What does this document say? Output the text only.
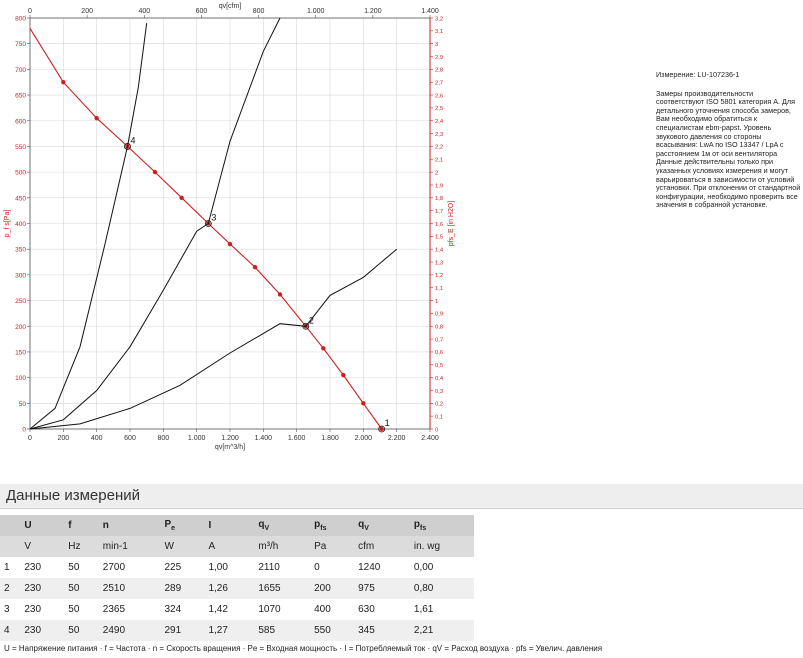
0	200	400	600	800	1.000 1.200 1.400 1.600 1.800 2.000 2.200 2.400
0
50
100
150
200
250
300
350
400
450
500
550
600
650
700
750
800
0	200	400	600	800	1.000	1.200	1.400
0
0,1
0,2
0,3
0,4
0,5
0,6
0,7
0,8
0,9
1
1,1
1,2
1,3
1,4
1,5
1,6
1,7
1,8
1,9
2
2,1
2,2
2,3
2,4
2,5
2,6
2,7
2,8
2,9
3
3,1
3,2
1
2
3
4
qv[m^3/h]
qv[cfm]
p_f s[Pa]	pfs_E [in H2O]
Измерение: LU-107236-1
Замеры производительности соответствуют ISO 5801 категория А. Для детального уточнения способа замеров, Вам необходимо обратиться к специалистам ebm-papst. Уровень звукового давления со стороны всасывания: LwA по ISO 13347 / LpA с расстоянием 1м от оси вентилятора Данные действительны только при указанных условиях измерения и могут варьироваться в зависимости от условий установки. При отклонении от стандартной конфигурации, необходимо проверить все значения в собранной установке.
Данные измерений
	U	f	n	$P_e$	I	$q_V$	$p_{fs}$	$q_V$	$p_{fs}$
	V	Hz	min-1	W	A	m³/h	Pa	cfm	in. wg
1	230	50	2700	225	1,00	2110	0	1240	0,00
2	230	50	2510	289	1,26	1655	200	975	0,80
3	230	50	2365	324	1,42	1070	400	630	1,61
4	230	50	2490	291	1,27	585	550	345	2,21
U = Напряжение питания · f = Частота · n = Скорость вращения · Pe = Входная мощность · I = Потребляемый ток · qV = Расход воздуха · pfs = Увелич. давления
